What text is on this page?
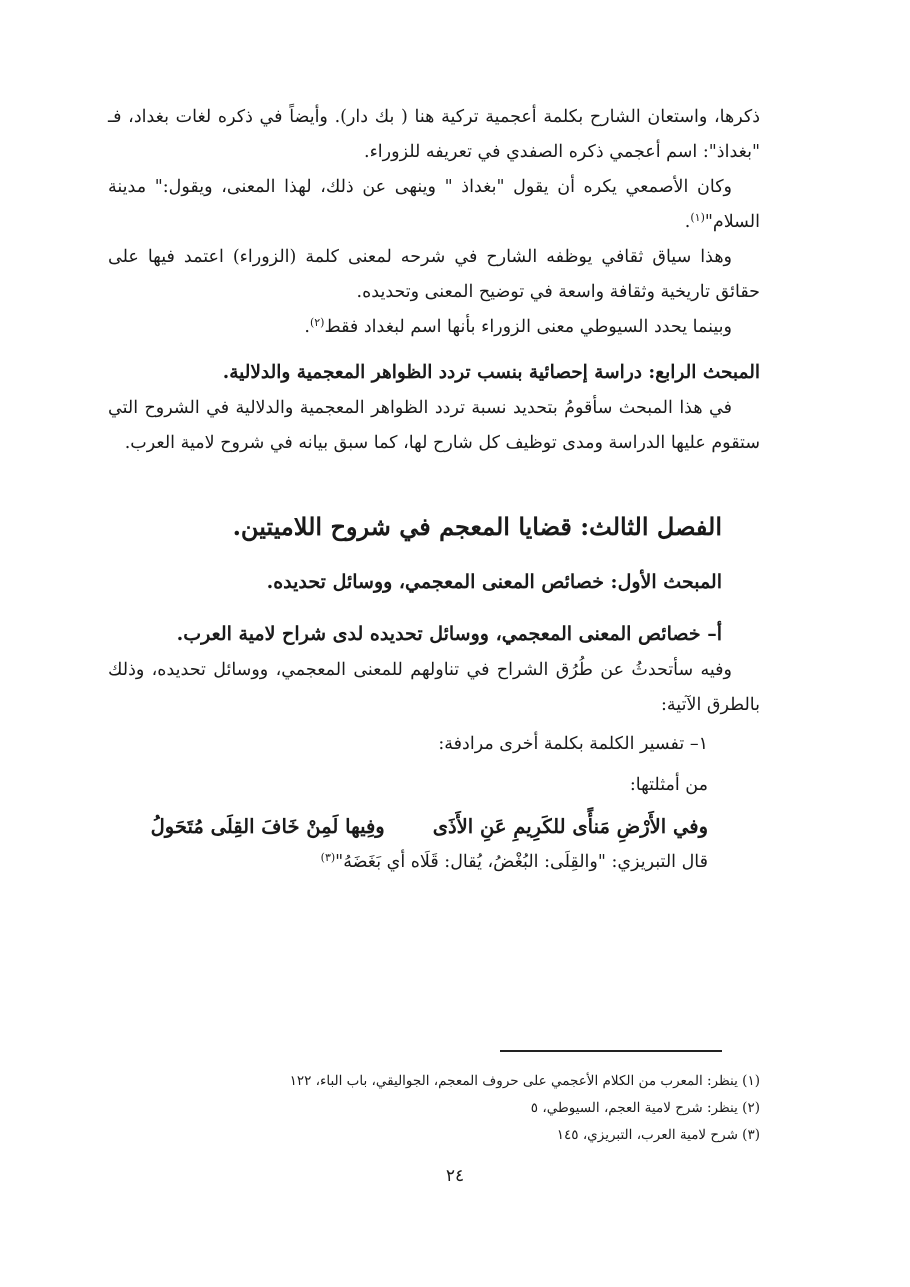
ذكرها، واستعان الشارح بكلمة أعجمية تركية هنا ( بك دار). وأيضاً في ذكره لغات بغداد، فـ "بغداذ": اسم أعجمي ذكره الصفدي في تعريفه للزوراء.

وكان الأصمعي يكره أن يقول "بغداذ " وينهى عن ذلك، لهذا المعنى، ويقول:" مدينة السلام"$^{(١)}$.

وهذا سياق ثقافي يوظفه الشارح في شرحه لمعنى كلمة (الزوراء) اعتمد فيها على حقائق تاريخية وثقافة واسعة في توضيح المعنى وتحديده.

وبينما يحدد السيوطي معنى الزوراء بأنها اسم لبغداد فقط$^{(٢)}$.

المبحث الرابع: دراسة إحصائية بنسب تردد الظواهر المعجمية والدلالية.

في هذا المبحث سأقومُ بتحديد نسبة تردد الظواهر المعجمية والدلالية في الشروح التي ستقوم عليها الدراسة ومدى توظيف كل شارح لها، كما سبق بيانه في شروح لامية العرب.

الفصل الثالث: قضايا المعجم في شروح اللاميتين.

المبحث الأول: خصائص المعنى المعجمي، ووسائل تحديده.

أ– خصائص المعنى المعجمي، ووسائل تحديده لدى شراح لامية العرب.

وفيه سأتحدثُ عن طُرُق الشراح في تناولهم للمعنى المعجمي، ووسائل تحديده، وذلك بالطرق الآتية:

١– تفسير الكلمة بكلمة أخرى مرادفة:

من أمثلتها:

وفي الأَرْضِ مَنأًى للكَرِيمِ عَنِ الأَذَى
وفِيها لَمِنْ خَافَ القِلَى مُتَحَولُ

قال التبريزي: "والقِلَى: البُغْضُ، يُقال: قَلَاه أي بَغَضَهُ"$^{(٣)}$

(١) ينظر: المعرب من الكلام الأعجمي على حروف المعجم، الجواليقي، باب الباء، ١٢٢

(٢) ينظر: شرح لامية العجم، السيوطي، ٥

(٣) شرح لامية العرب، التبريزي، ١٤٥

٢٤
